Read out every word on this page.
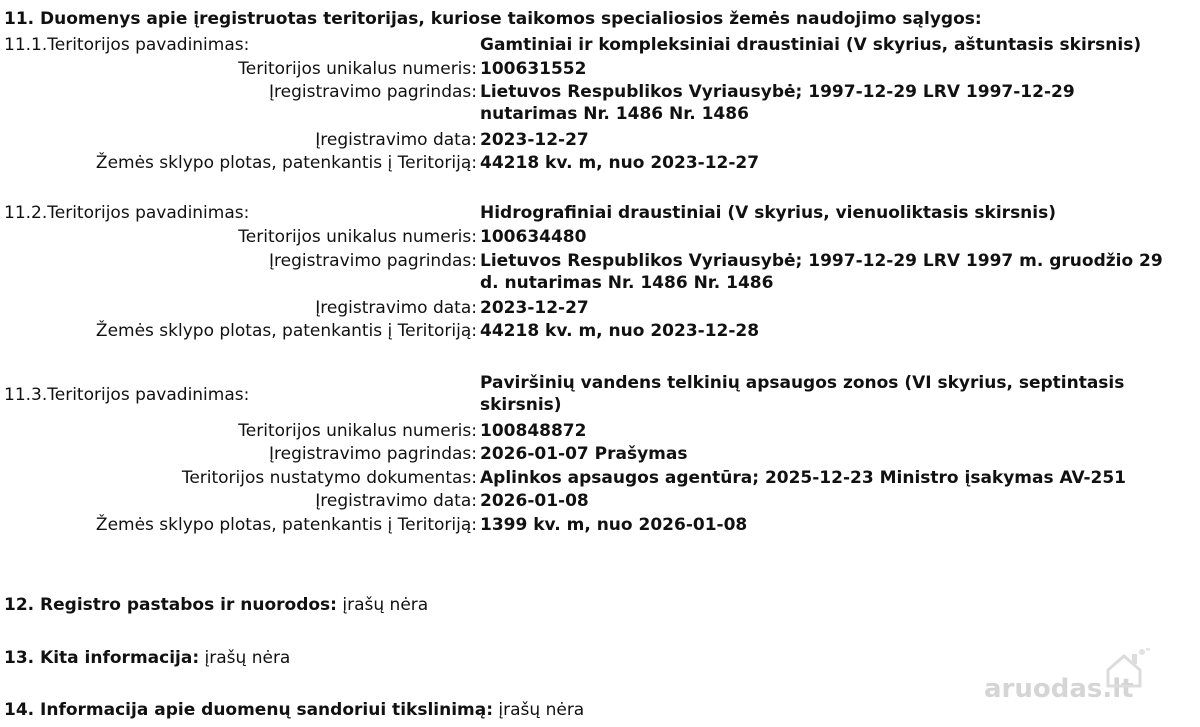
11. Duomenys apie įregistruotas teritorijas, kuriose taikomos specialiosios žemės naudojimo sąlygos:
11.1.Teritorijos pavadinimas:	Gamtiniai ir kompleksiniai draustiniai (V skyrius, aštuntasis skirsnis)
Teritorijos unikalus numeris: 100631552
Įregistravimo pagrindas: Lietuvos Respublikos Vyriausybė; 1997-12-29 LRV 1997-12-29 nutarimas Nr. 1486 Nr. 1486
Įregistravimo data: 2023-12-27
Žemės sklypo plotas, patenkantis į Teritoriją: 44218 kv. m, nuo 2023-12-27
11.2.Teritorijos pavadinimas:	Hidrografiniai draustiniai (V skyrius, vienuoliktasis skirsnis)
Teritorijos unikalus numeris: 100634480
Įregistravimo pagrindas: Lietuvos Respublikos Vyriausybė; 1997-12-29 LRV 1997 m. gruodžio 29 d. nutarimas Nr. 1486 Nr. 1486
Įregistravimo data: 2023-12-27
Žemės sklypo plotas, patenkantis į Teritoriją: 44218 kv. m, nuo 2023-12-28
11.3.Teritorijos pavadinimas:
Paviršinių vandens telkinių apsaugos zonos (VI skyrius, septintasis skirsnis)
Teritorijos unikalus numeris: 100848872
Įregistravimo pagrindas: 2026-01-07 Prašymas
Teritorijos nustatymo dokumentas: Aplinkos apsaugos agentūra; 2025-12-23 Ministro įsakymas AV-251
Įregistravimo data: 2026-01-08
Žemės sklypo plotas, patenkantis į Teritoriją: 1399 kv. m, nuo 2026-01-08
12. Registro pastabos ir nuorodos: įrašų nėra
13. Kita informacija: įrašų nėra
14. Informacija apie duomenų sandoriui tikslinimą: įrašų nėra
aruodas.lt
